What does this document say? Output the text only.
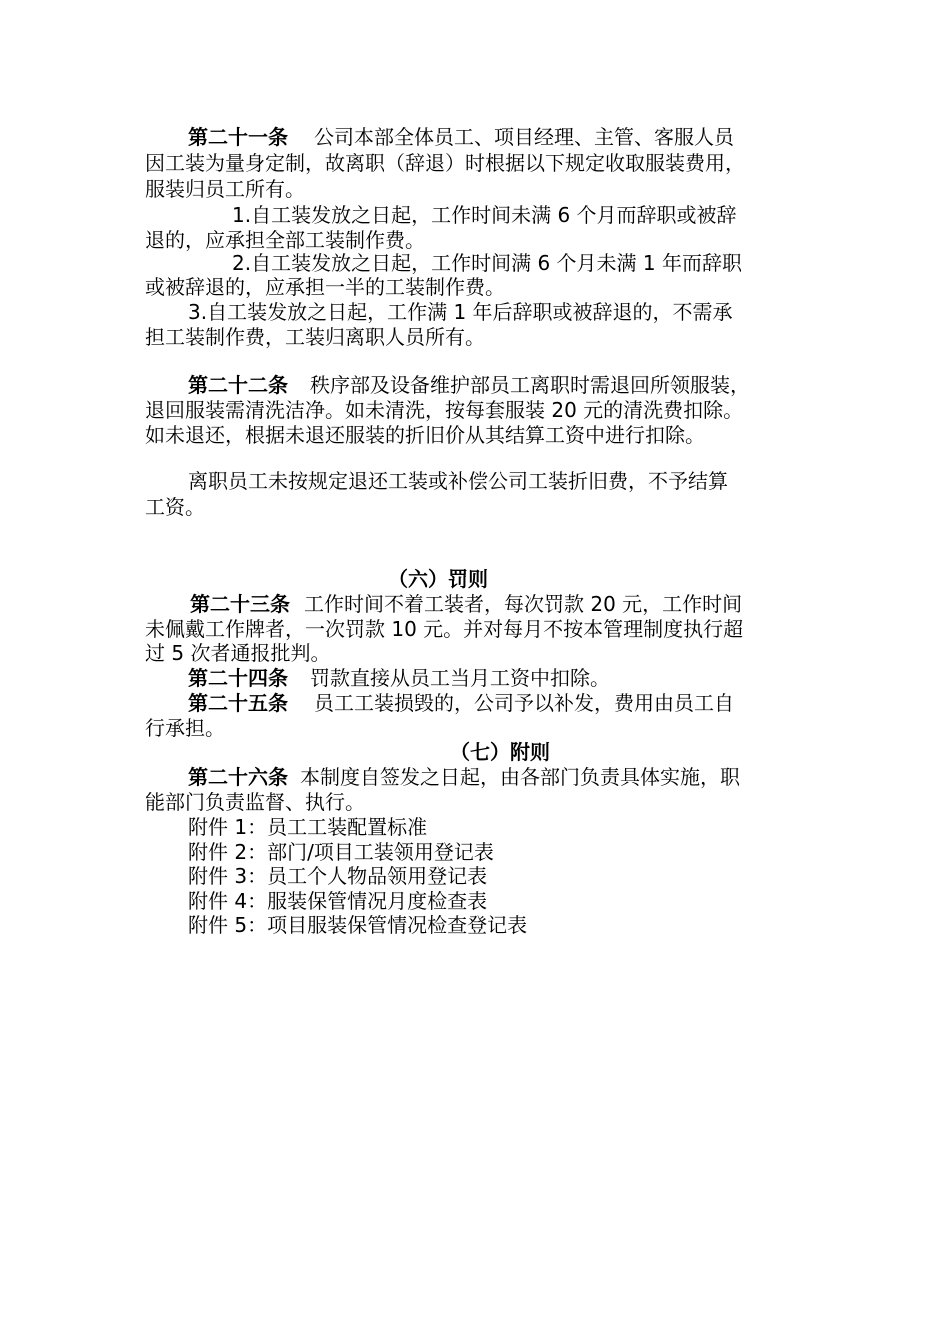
第二十一条 公司本部全体员工、项目经理、主管、客服人员
因工装为量身定制，故离职（辞退）时根据以下规定收取服装费用，
服装归员工所有。
1.自工装发放之日起，工作时间未满 6 个月而辞职或被辞
退的，应承担全部工装制作费。
2.自工装发放之日起，工作时间满 6 个月未满 1 年而辞职
或被辞退的，应承担一半的工装制作费。
3.自工装发放之日起，工作满 1 年后辞职或被辞退的，不需承
担工装制作费，工装归离职人员所有。
第二十二条 秩序部及设备维护部员工离职时需退回所领服装，
退回服装需清洗洁净。如未清洗，按每套服装 20 元的清洗费扣除。
如未退还，根据未退还服装的折旧价从其结算工资中进行扣除。
离职员工未按规定退还工装或补偿公司工装折旧费，不予结算
工资。
（六）罚则
第二十三条 工作时间不着工装者，每次罚款 20 元，工作时间
未佩戴工作牌者，一次罚款 10 元。并对每月不按本管理制度执行超
过 5 次者通报批判。
第二十四条 罚款直接从员工当月工资中扣除。
第二十五条 员工工装损毁的，公司予以补发，费用由员工自
行承担。
（七）附则
第二十六条 本制度自签发之日起，由各部门负责具体实施，职
能部门负责监督、执行。
附件 1：员工工装配置标准
附件 2：部门/项目工装领用登记表
附件 3：员工个人物品领用登记表
附件 4：服装保管情况月度检查表
附件 5：项目服装保管情况检查登记表
